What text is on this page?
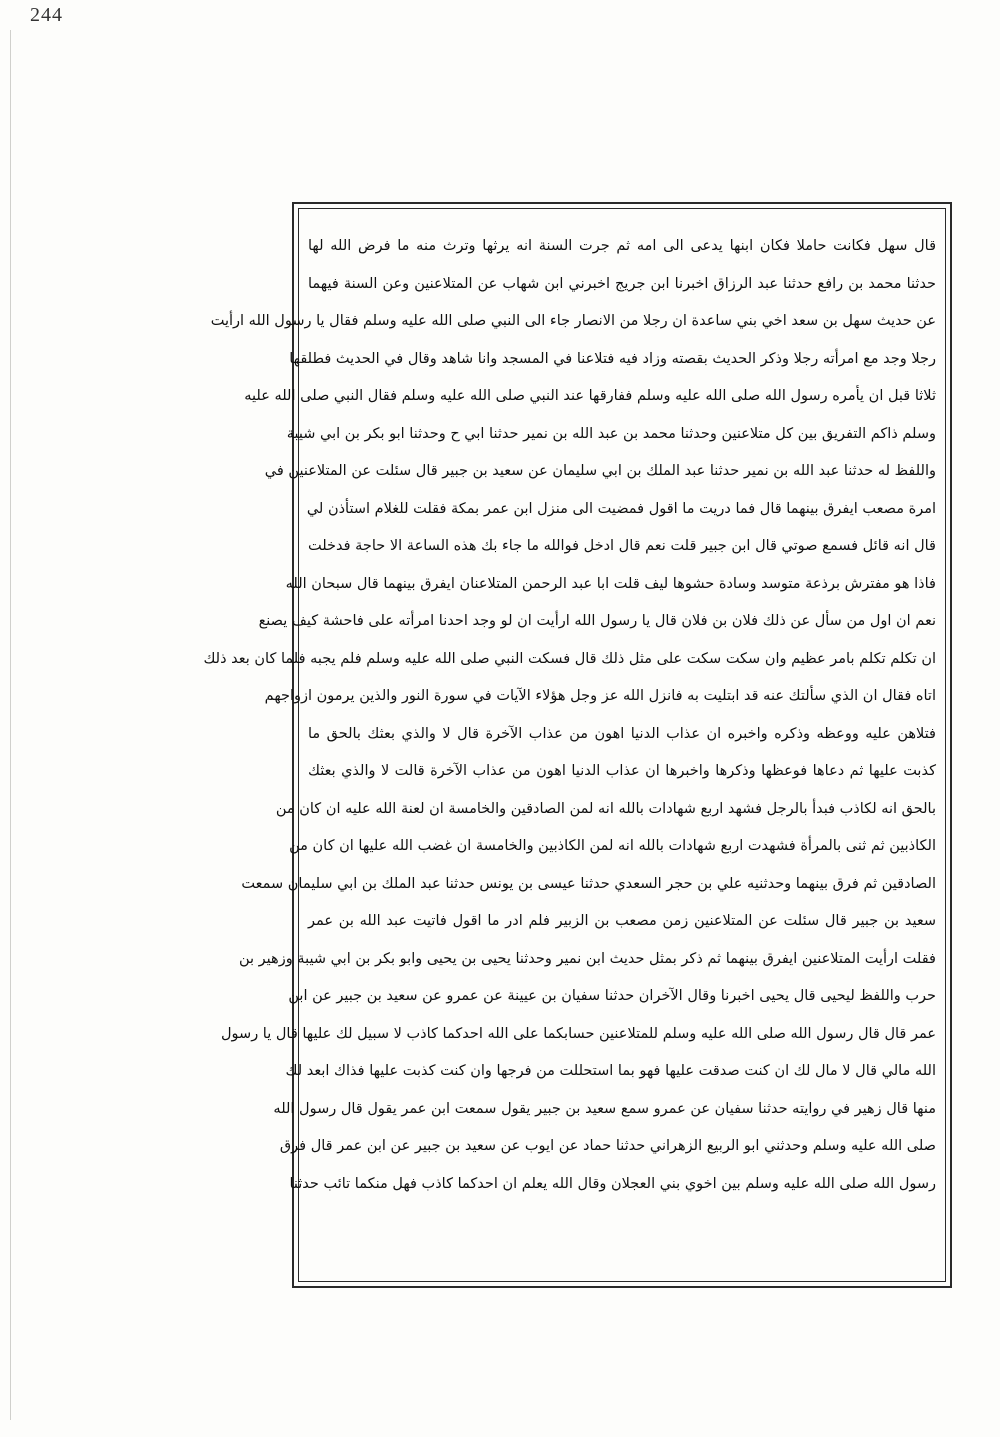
244
قال سهل فكانت حاملا فكان ابنها يدعى الى امه ثم جرت السنة انه يرثها وترث منه ما فرض الله لها
حدثنا محمد بن رافع حدثنا عبد الرزاق اخبرنا ابن جريج اخبرني ابن شهاب عن المتلاعنين وعن السنة فيهما
عن حديث سهل بن سعد اخي بني ساعدة ان رجلا من الانصار جاء الى النبي صلى الله عليه وسلم فقال يا رسول الله ارأيت
رجلا وجد مع امرأته رجلا وذكر الحديث بقصته وزاد فيه فتلاعنا في المسجد وانا شاهد وقال في الحديث فطلقها
ثلاثا قبل ان يأمره رسول الله صلى الله عليه وسلم ففارقها عند النبي صلى الله عليه وسلم فقال النبي صلى الله عليه
وسلم ذاكم التفريق بين كل متلاعنين وحدثنا محمد بن عبد الله بن نمير حدثنا ابي ح وحدثنا ابو بكر بن ابي شيبة
واللفظ له حدثنا عبد الله بن نمير حدثنا عبد الملك بن ابي سليمان عن سعيد بن جبير قال سئلت عن المتلاعنين في
امرة مصعب ايفرق بينهما قال فما دريت ما اقول فمضيت الى منزل ابن عمر بمكة فقلت للغلام استأذن لي
قال انه قائل فسمع صوتي قال ابن جبير قلت نعم قال ادخل فوالله ما جاء بك هذه الساعة الا حاجة فدخلت
فاذا هو مفترش برذعة متوسد وسادة حشوها ليف قلت ابا عبد الرحمن المتلاعنان ايفرق بينهما قال سبحان الله
نعم ان اول من سأل عن ذلك فلان بن فلان قال يا رسول الله ارأيت ان لو وجد احدنا امرأته على فاحشة كيف يصنع
ان تكلم تكلم بامر عظيم وان سكت سكت على مثل ذلك قال فسكت النبي صلى الله عليه وسلم فلم يجبه فلما كان بعد ذلك
اتاه فقال ان الذي سألتك عنه قد ابتليت به فانزل الله عز وجل هؤلاء الآيات في سورة النور والذين يرمون ازواجهم
فتلاهن عليه ووعظه وذكره واخبره ان عذاب الدنيا اهون من عذاب الآخرة قال لا والذي بعثك بالحق ما
كذبت عليها ثم دعاها فوعظها وذكرها واخبرها ان عذاب الدنيا اهون من عذاب الآخرة قالت لا والذي بعثك
بالحق انه لكاذب فبدأ بالرجل فشهد اربع شهادات بالله انه لمن الصادقين والخامسة ان لعنة الله عليه ان كان من
الكاذبين ثم ثنى بالمرأة فشهدت اربع شهادات بالله انه لمن الكاذبين والخامسة ان غضب الله عليها ان كان من
الصادقين ثم فرق بينهما وحدثنيه علي بن حجر السعدي حدثنا عيسى بن يونس حدثنا عبد الملك بن ابي سليمان سمعت
سعيد بن جبير قال سئلت عن المتلاعنين زمن مصعب بن الزبير فلم ادر ما اقول فاتيت عبد الله بن عمر
فقلت ارأيت المتلاعنين ايفرق بينهما ثم ذكر بمثل حديث ابن نمير وحدثنا يحيى بن يحيى وابو بكر بن ابي شيبة وزهير بن
حرب واللفظ ليحيى قال يحيى اخبرنا وقال الآخران حدثنا سفيان بن عيينة عن عمرو عن سعيد بن جبير عن ابن
عمر قال قال رسول الله صلى الله عليه وسلم للمتلاعنين حسابكما على الله احدكما كاذب لا سبيل لك عليها قال يا رسول
الله مالي قال لا مال لك ان كنت صدقت عليها فهو بما استحللت من فرجها وان كنت كذبت عليها فذاك ابعد لك
منها قال زهير في روايته حدثنا سفيان عن عمرو سمع سعيد بن جبير يقول سمعت ابن عمر يقول قال رسول الله
صلى الله عليه وسلم وحدثني ابو الربيع الزهراني حدثنا حماد عن ايوب عن سعيد بن جبير عن ابن عمر قال فرق
رسول الله صلى الله عليه وسلم بين اخوي بني العجلان وقال الله يعلم ان احدكما كاذب فهل منكما تائب حدثنا
